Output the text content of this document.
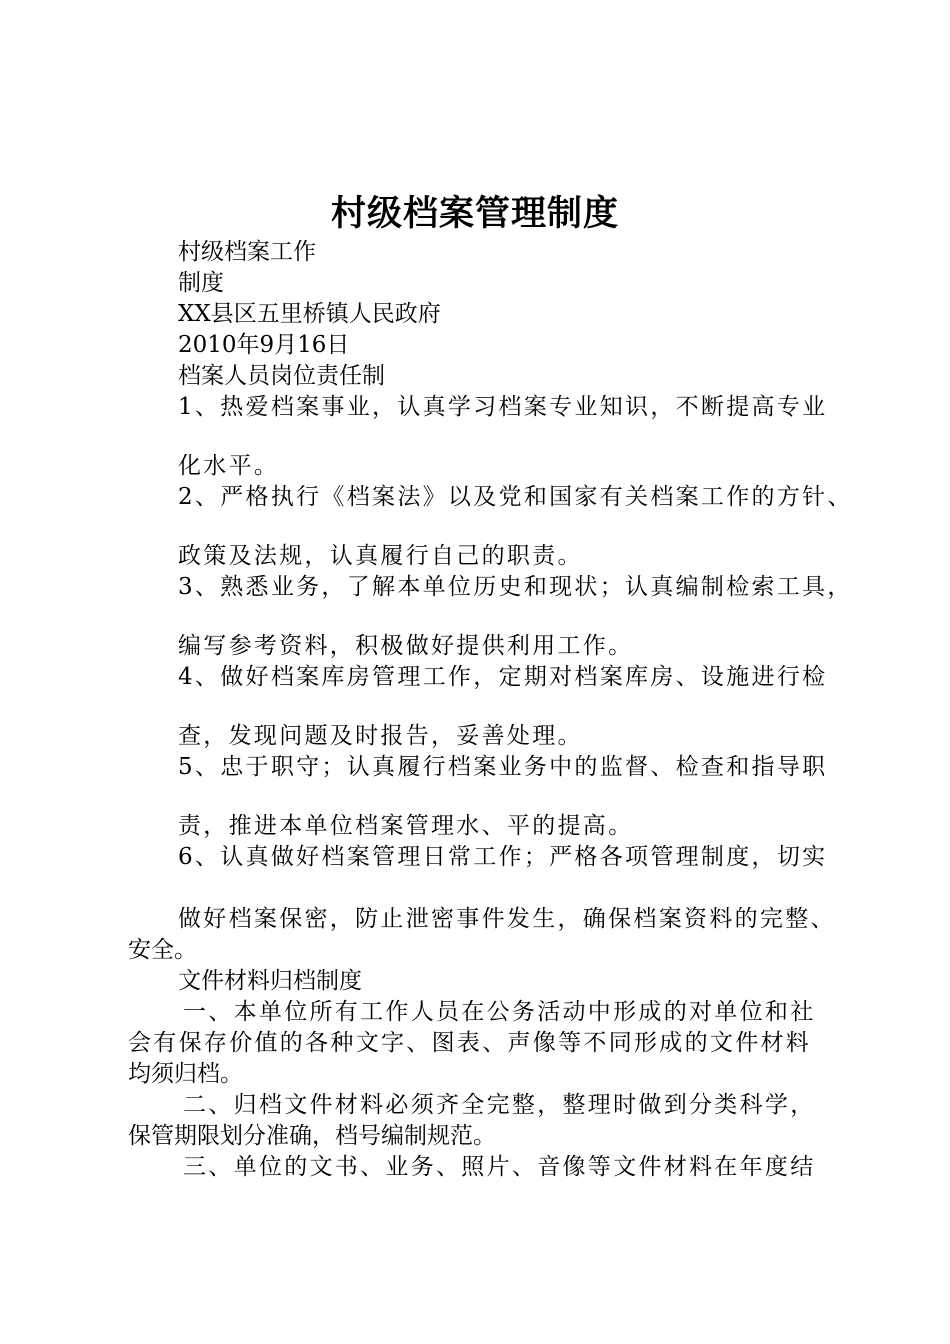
村级档案管理制度
村级档案工作
制度
XX县区五里桥镇人民政府
2010年9月16日
档案人员岗位责任制
1、热爱档案事业，认真学习档案专业知识，不断提高专业
化水平。
2、严格执行《档案法》以及党和国家有关档案工作的方针、
政策及法规，认真履行自己的职责。
3、熟悉业务，了解本单位历史和现状；认真编制检索工具，
编写参考资料，积极做好提供利用工作。
4、做好档案库房管理工作，定期对档案库房、设施进行检
查，发现问题及时报告，妥善处理。
5、忠于职守；认真履行档案业务中的监督、检查和指导职
责，推进本单位档案管理水、平的提高。
6、认真做好档案管理日常工作；严格各项管理制度，切实
做好档案保密，防止泄密事件发生，确保档案资料的完整、
安全。
文件材料归档制度
一、本单位所有工作人员在公务活动中形成的对单位和社
会有保存价值的各种文字、图表、声像等不同形成的文件材料
均须归档。
二、归档文件材料必须齐全完整，整理时做到分类科学，
保管期限划分准确，档号编制规范。
三、单位的文书、业务、照片、音像等文件材料在年度结
